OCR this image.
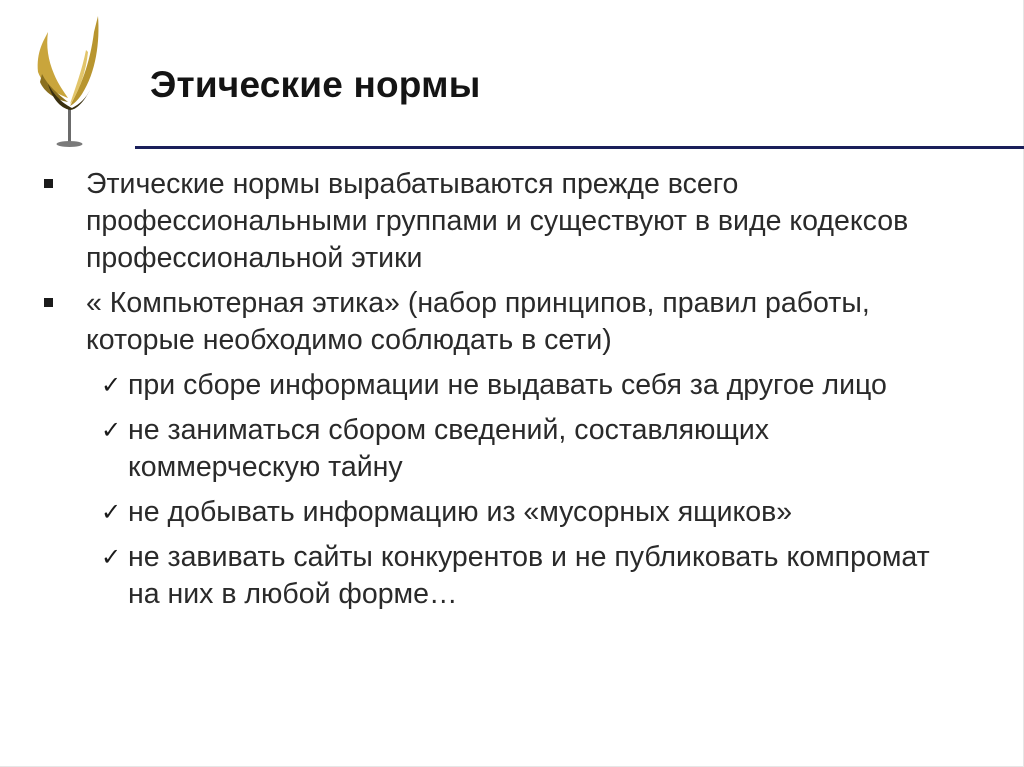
Этические нормы
Этические нормы вырабатываются прежде всего профессиональными группами и существуют в виде кодексов профессиональной этики
« Компьютерная этика» (набор принципов, правил работы, которые необходимо соблюдать в сети)
✓ при сборе информации не выдавать себя за другое лицо
✓ не заниматься сбором сведений, составляющих коммерческую тайну
✓ не добывать информацию из «мусорных ящиков»
✓ не завивать сайты конкурентов и не публиковать компромат на них в любой форме…
